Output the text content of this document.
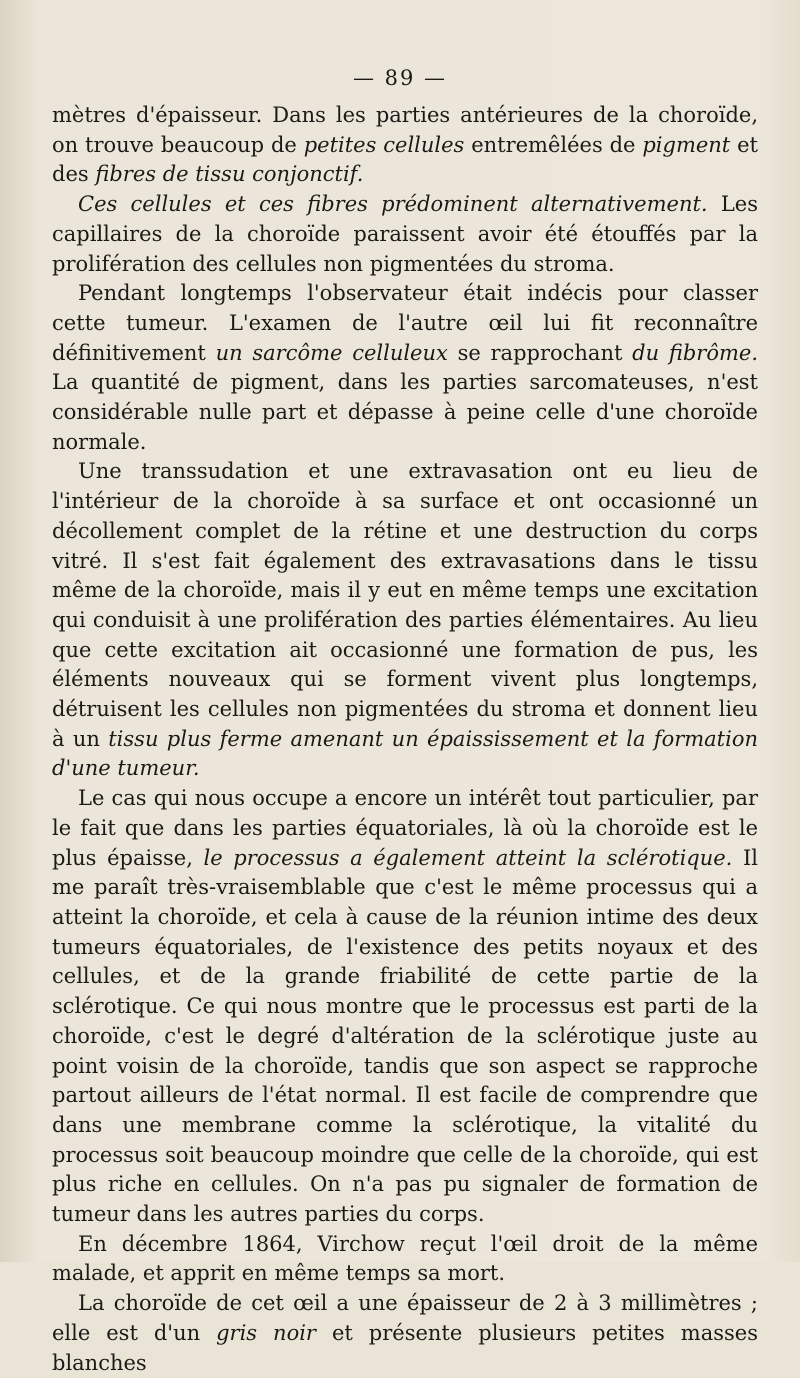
— 89 —

mètres d'épaisseur. Dans les parties antérieures de la choroïde, on trouve beaucoup de petites cellules entremêlées de pigment et des fibres de tissu conjonctif.

Ces cellules et ces fibres prédominent alternativement. Les capillaires de la choroïde paraissent avoir été étouffés par la prolifération des cellules non pigmentées du stroma.

Pendant longtemps l'observateur était indécis pour classer cette tumeur. L'examen de l'autre œil lui fit reconnaître définitivement un sarcôme celluleux se rapprochant du fibrôme. La quantité de pigment, dans les parties sarcomateuses, n'est considérable nulle part et dépasse à peine celle d'une choroïde normale.

Une transsudation et une extravasation ont eu lieu de l'intérieur de la choroïde à sa surface et ont occasionné un décollement complet de la rétine et une destruction du corps vitré. Il s'est fait également des extravasations dans le tissu même de la choroïde, mais il y eut en même temps une excitation qui conduisit à une prolifération des parties élémentaires. Au lieu que cette excitation ait occasionné une formation de pus, les éléments nouveaux qui se forment vivent plus longtemps, détruisent les cellules non pigmentées du stroma et donnent lieu à un tissu plus ferme amenant un épaississement et la formation d'une tumeur.

Le cas qui nous occupe a encore un intérêt tout particulier, par le fait que dans les parties équatoriales, là où la choroïde est le plus épaisse, le processus a également atteint la sclérotique. Il me paraît très-vraisemblable que c'est le même processus qui a atteint la choroïde, et cela à cause de la réunion intime des deux tumeurs équatoriales, de l'existence des petits noyaux et des cellules, et de la grande friabilité de cette partie de la sclérotique. Ce qui nous montre que le processus est parti de la choroïde, c'est le degré d'altération de la sclérotique juste au point voisin de la choroïde, tandis que son aspect se rapproche partout ailleurs de l'état normal. Il est facile de comprendre que dans une membrane comme la sclérotique, la vitalité du processus soit beaucoup moindre que celle de la choroïde, qui est plus riche en cellules. On n'a pas pu signaler de formation de tumeur dans les autres parties du corps.

En décembre 1864, Virchow reçut l'œil droit de la même malade, et apprit en même temps sa mort.

La choroïde de cet œil a une épaisseur de 2 à 3 millimètres ; elle est d'un gris noir et présente plusieurs petites masses blanches
